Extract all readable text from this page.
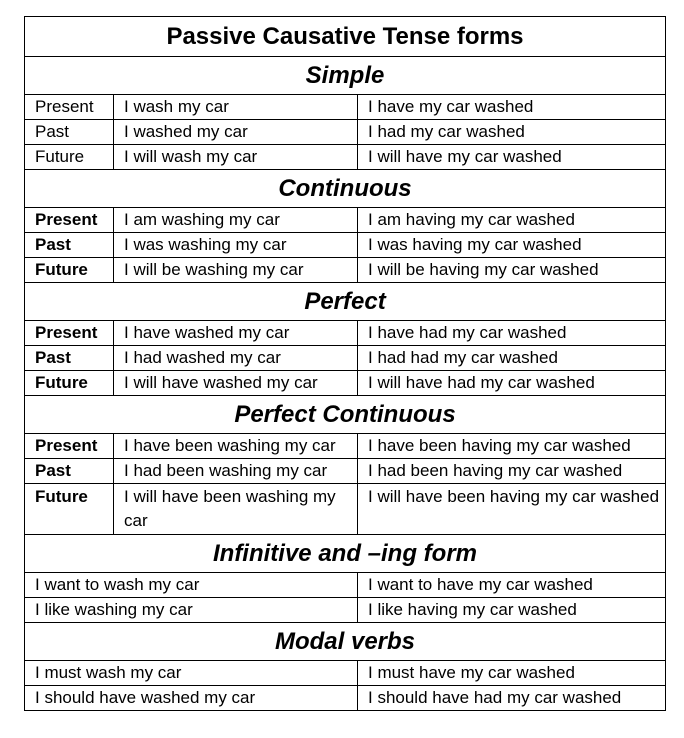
Passive Causative Tense forms		
Simple		
Present	I wash my car	I have my car washed
Past	I washed my car	I had my car washed
Future	I will wash my car	I will have my car washed
Continuous		
Present	I am washing my car	I am having my car washed
Past	I was washing my car	I was having my car washed
Future	I will be washing my car	I will be having my car washed
Perfect		
Present	I have washed my car	I have had my car washed
Past	I had washed my car	I had had my car washed
Future	I will have washed my car	I will have had my car washed
Perfect Continuous		
Present	I have been washing my car	I have been having my car washed
Past	I had been washing my car	I had been having my car washed
Future	I will have been washing my car	I will have been having my car washed
Infinitive and –ing form		
I want to wash my car		I want to have my car washed
I like washing my car		I like having my car washed
Modal verbs		
I must wash my car		I must have my car washed
I should have washed my car		I should have had my car washed
